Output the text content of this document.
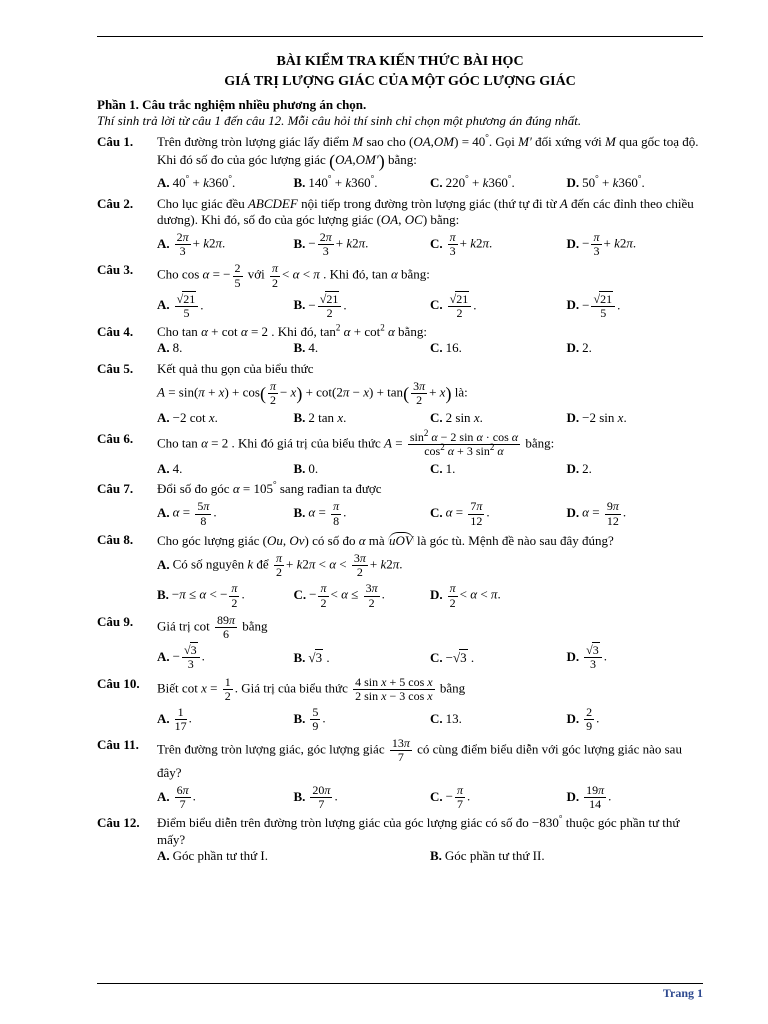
BÀI KIỂM TRA KIẾN THỨC BÀI HỌC
GIÁ TRỊ LƯỢNG GIÁC CỦA MỘT GÓC LƯỢNG GIÁC
Phần 1. Câu trắc nghiệm nhiều phương án chọn.
Thí sinh trả lời từ câu 1 đến câu 12. Mỗi câu hỏi thí sinh chỉ chọn một phương án đúng nhất.
Câu 1.	Trên đường tròn lượng giác lấy điểm M sao cho (OA,OM) = 40°. Gọi M′ đối xứng với M qua gốc toạ độ. Khi đó số đo của góc lượng giác (OA,OM′) bằng:
A. 40° + k360°.	B. 140° + k360°.	C. 220° + k360°.	D. 50° + k360°.
Câu 2.	Cho lục giác đều ABCDEF nội tiếp trong đường tròn lượng giác (thứ tự đi từ A đến các đỉnh theo chiều dương). Khi đó, số đo của góc lượng giác (OA, OC) bằng:
A. $\frac{2\pi}{3} + k2\pi$.	B. − $\frac{2\pi}{3} + k2\pi$.	C. $\frac{\pi}{3} + k2\pi$.	D. − $\frac{\pi}{3} + k2\pi$.
Câu 3.	Cho cos α = − $\frac{2}{5}$ với $\frac{\pi}{2} < \alpha < \pi$ . Khi đó, tan α bằng:
A. $\frac{√21}{5}$ .	B. − $\frac{√21}{2}$ .	C. $\frac{√21}{2}$ .	D. − $\frac{√21}{5}$ .
Câu 4.	Cho tan α + cot α = 2 . Khi đó, $\tan^2 \alpha + \cot^2 \alpha$ bằng:
A. 8.	B. 4.	C. 16.	D. 2.
Câu 5.	Kết quả thu gọn của biểu thức
$A = \sin(\pi + x) + \cos( \frac{\pi}{2} - x) + \cot(2\pi - x) + \tan( \frac{3\pi}{2} + x)$ là:
A. −2 cot x.	B. 2 tan x.	C. 2 sin x.	D. −2 sin x.
Câu 6.	Cho tan α = 2 . Khi đó giá trị của biểu thức $A = \frac{\sin^2 \alpha - 2 \sin \alpha \cdot \cos \alpha}{\cos^2 \alpha + 3 \sin^2 \alpha}$ bằng:
A. 4.	B. 0.	C. 1.	D. 2.
Câu 7.	Đổi số đo góc α = 105° sang rađian ta được
A. $\alpha = \frac{5\pi}{8}$ .	B. $\alpha = \frac{\pi}{8}$ .	C. $\alpha = \frac{7\pi}{12}$ .	D. $\alpha = \frac{9\pi}{12}$ .
Câu 8.	Cho góc lượng giác (Ou, Ov) có số đo α mà uOV là góc tù. Mệnh đề nào sau đây đúng?
A. Có số nguyên k để $\frac{\pi}{2} + k2\pi < \alpha < \frac{3\pi}{2} + k2\pi$.
B. −π ≤ α < − $\frac{\pi}{2}$ .	C. − $\frac{\pi}{2} < \alpha \le \frac{3\pi}{2}$ .	D. $\frac{\pi}{2} < \alpha < \pi$.
Câu 9.	Giá trị $\cot \frac{89\pi}{6}$ bằng
A. − $\frac{√3}{3}$ .	B. √3 .	C. −√3 .	D. $\frac{√3}{3}$ .
Câu 10.	Biết $\cot x = \frac{1}{2}$ . Giá trị của biểu thức $\frac{\text{4 sin x + 5 cos x}}{\text{2 sin x − 3 cos x}}$ bằng
A. $\frac{1}{17}$ .	B. $\frac{5}{9}$ .	C. 13.	D. $\frac{2}{9}$ .
Câu 11.	Trên đường tròn lượng giác, góc lượng giác $\frac{13\pi}{7}$ có cùng điểm biểu diễn với góc lượng giác nào sau đây?
A. $\frac{6\pi}{7}$ .	B. $\frac{20\pi}{7}$ .	C. − $\frac{\pi}{7}$ .	D. $\frac{19\pi}{14}$ .
Câu 12.	Điểm biểu diễn trên đường tròn lượng giác của góc lượng giác có số đo −830° thuộc góc phần tư thứ mấy?
A. Góc phần tư thứ I.	B. Góc phần tư thứ II.
Trang 1
